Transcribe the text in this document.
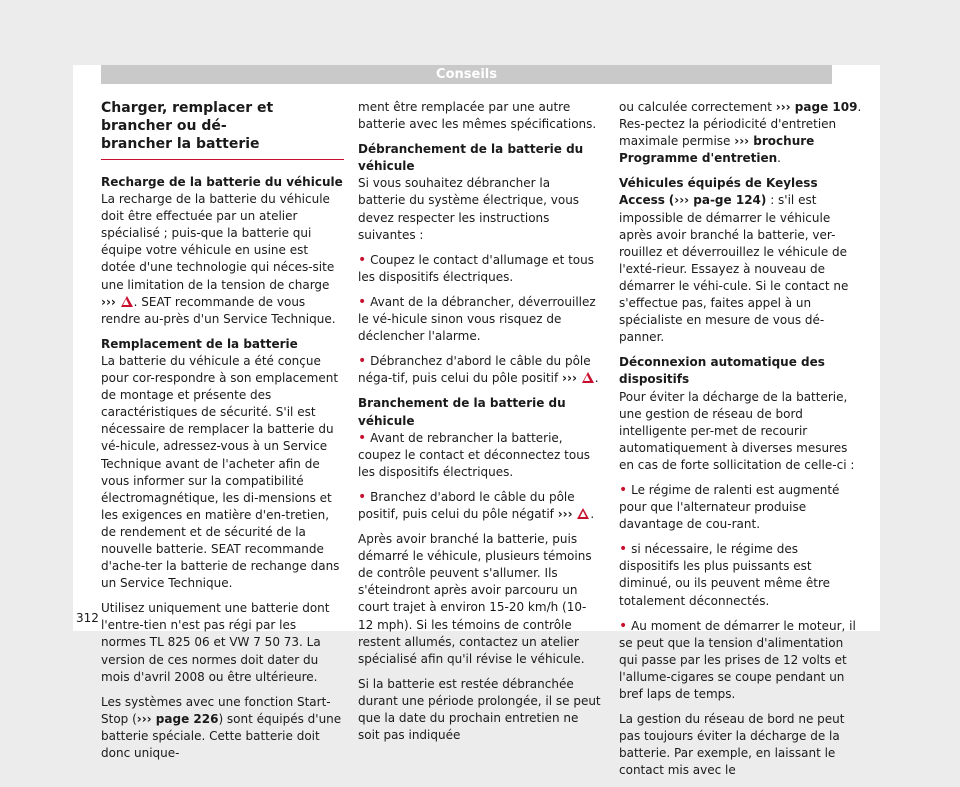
Conseils
Charger, remplacer et brancher ou dé-
brancher la batterie

Recharge de la batterie du véhicule

La recharge de la batterie du véhicule doit être effectuée par un atelier spécialisé ; puis-que la batterie qui équipe votre véhicule en usine est dotée d'une technologie qui néces-site une limitation de la tension de charge
››› . SEAT recommande de vous rendre au-près d'un Service Technique.

Remplacement de la batterie

La batterie du véhicule a été conçue pour cor-respondre à son emplacement de montage et présente des caractéristiques de sécurité. S'il est nécessaire de remplacer la batterie du vé-hicule, adressez-vous à un Service Technique avant de l'acheter afin de vous informer sur la compatibilité électromagnétique, les di-mensions et les exigences en matière d'en-tretien, de rendement et de sécurité de la nouvelle batterie. SEAT recommande d'ache-ter la batterie de rechange dans un Service Technique.

Utilisez uniquement une batterie dont l'entre-tien n'est pas régi par les normes TL 825 06 et VW 7 50 73. La version de ces normes doit dater du mois d'avril 2008 ou être ultérieure.

Les systèmes avec une fonction Start-Stop (››› page 226) sont équipés d'une batterie spéciale. Cette batterie doit donc unique-

ment être remplacée par une autre batterie avec les mêmes spécifications.

Débranchement de la batterie du véhicule

Si vous souhaitez débrancher la batterie du système électrique, vous devez respecter les instructions suivantes :

• Coupez le contact d'allumage et tous les dispositifs électriques.

• Avant de la débrancher, déverrouillez le vé-hicule sinon vous risquez de déclencher l'alarme.

• Débranchez d'abord le câble du pôle néga-tif, puis celui du pôle positif ››› .

Branchement de la batterie du véhicule

• Avant de rebrancher la batterie, coupez le contact et déconnectez tous les dispositifs électriques.

• Branchez d'abord le câble du pôle positif, puis celui du pôle négatif ››› .

Après avoir branché la batterie, puis démarré le véhicule, plusieurs témoins de contrôle peuvent s'allumer. Ils s'éteindront après avoir parcouru un court trajet à environ 15-20 km/h (10-12 mph). Si les témoins de contrôle restent allumés, contactez un atelier spécialisé afin qu'il révise le véhicule.

Si la batterie est restée débranchée durant une période prolongée, il se peut que la date du prochain entretien ne soit pas indiquée

ou calculée correctement ››› page 109. Res-pectez la périodicité d'entretien maximale permise ››› brochure Programme d'entretien.

Véhicules équipés de Keyless Access (››› pa-ge 124) : s'il est impossible de démarrer le véhicule après avoir branché la batterie, ver-rouillez et déverrouillez le véhicule de l'exté-rieur. Essayez à nouveau de démarrer le véhi-cule. Si le contact ne s'effectue pas, faites appel à un spécialiste en mesure de vous dé-panner.

Déconnexion automatique des dispositifs

Pour éviter la décharge de la batterie, une gestion de réseau de bord intelligente per-met de recourir automatiquement à diverses mesures en cas de forte sollicitation de celle-ci :

• Le régime de ralenti est augmenté pour que l'alternateur produise davantage de cou-rant.

• si nécessaire, le régime des dispositifs les plus puissants est diminué, ou ils peuvent même être totalement déconnectés.

• Au moment de démarrer le moteur, il se peut que la tension d'alimentation qui passe par les prises de 12 volts et l'allume-cigares se coupe pendant un bref laps de temps.

La gestion du réseau de bord ne peut pas toujours éviter la décharge de la batterie. Par exemple, en laissant le contact mis avec le

312
